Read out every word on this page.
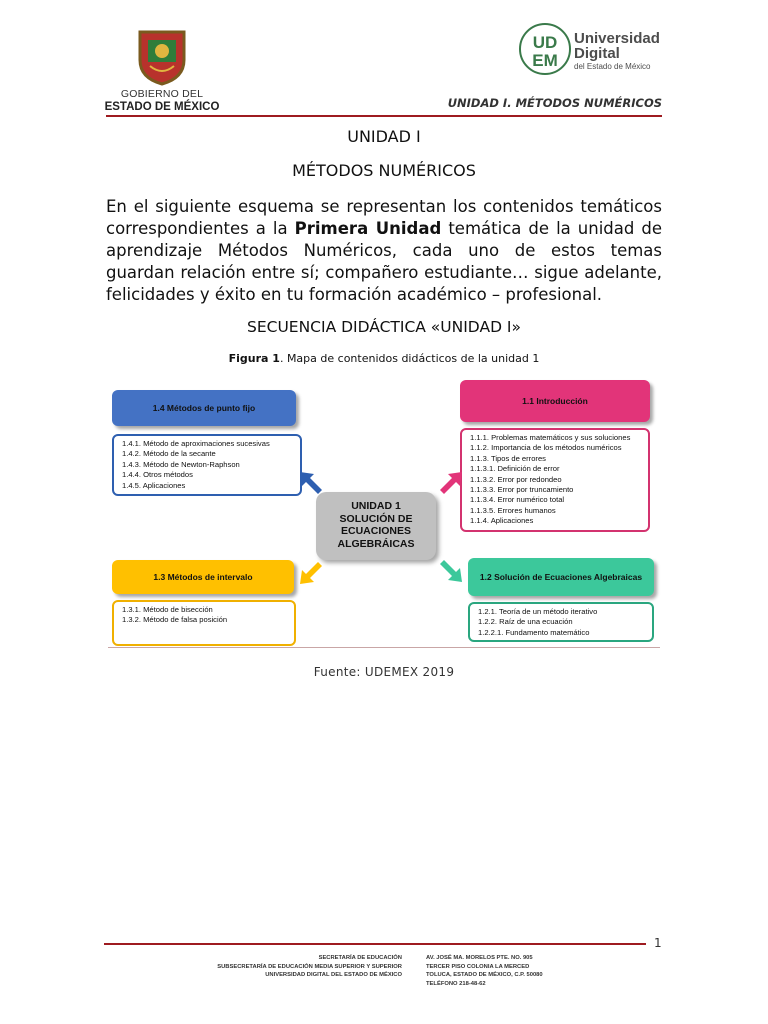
GOBIERNO DEL
ESTADO DE MÉXICO
UD
EM
Universidad
Digital
del Estado de México
UNIDAD I. MÉTODOS NUMÉRICOS
UNIDAD I
MÉTODOS NUMÉRICOS

En el siguiente esquema se representan los contenidos temáticos correspondientes a la Primera Unidad temática de la unidad de aprendizaje Métodos Numéricos, cada uno de estos temas guardan relación entre sí; compañero estudiante… sigue adelante, felicidades y éxito en tu formación académico – profesional.

SECUENCIA DIDÁCTICA «UNIDAD I»
Figura 1. Mapa de contenidos didácticos de la unidad 1
1.4 Métodos de punto fijo
1.4.1. Método de aproximaciones sucesivas
1.4.2. Método de la secante
1.4.3. Método de Newton-Raphson
1.4.4. Otros métodos
1.4.5. Aplicaciones
1.1 Introducción
1.1.1. Problemas matemáticos y sus soluciones
1.1.2. Importancia de los métodos numéricos
1.1.3. Tipos de errores
1.1.3.1. Definición de error
1.1.3.2. Error por redondeo
1.1.3.3. Error por truncamiento
1.1.3.4. Error numérico total
1.1.3.5. Errores humanos
1.1.4. Aplicaciones
UNIDAD 1
SOLUCIÓN DE
ECUACIONES
ALGEBRÁICAS
1.3 Métodos de intervalo
1.3.1. Método de bisección
1.3.2. Método de falsa posición
1.2 Solución de Ecuaciones Algebraicas
1.2.1. Teoría de un método iterativo
1.2.2. Raíz de una ecuación
1.2.2.1. Fundamento matemático
Fuente: UDEMEX 2019
1
SECRETARÍA DE EDUCACIÓN
SUBSECRETARÍA DE EDUCACIÓN MEDIA SUPERIOR Y SUPERIOR
UNIVERSIDAD DIGITAL DEL ESTADO DE MÉXICO
AV. JOSÉ MA. MORELOS PTE. NO. 905
TERCER PISO COLONIA LA MERCED
TOLUCA, ESTADO DE MÉXICO, C.P. 50080
TELÉFONO 218-48-62
